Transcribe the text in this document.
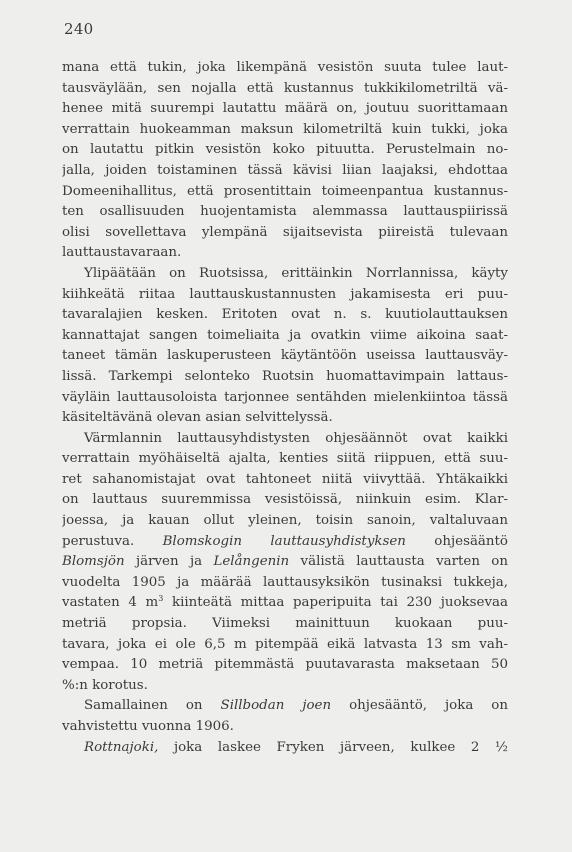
240
mana että tukin, joka likempänä vesistön suuta tulee laut-
tausväylään, sen nojalla että kustannus tukkikilometriltä vä-
henee mitä suurempi lautattu määrä on, joutuu suorittamaan
verrattain huokeamman maksun kilometriltä kuin tukki, joka
on lautattu pitkin vesistön koko pituutta. Perustelmain no-
jalla, joiden toistaminen tässä kävisi liian laajaksi, ehdottaa
Domeenihallitus, että prosentittain toimeenpantua kustannus-
ten osallisuuden huojentamista alemmassa lauttauspiirissä
olisi sovellettava ylempänä sijaitsevista piireistä tulevaan
lauttaustavaraan.
Ylipäätään on Ruotsissa, erittäinkin Norrlannissa, käyty
kiihkeätä riitaa lauttauskustannusten jakamisesta eri puu-
tavaralajien kesken. Eritoten ovat n. s. kuutiolauttauksen
kannattajat sangen toimeliaita ja ovatkin viime aikoina saat-
taneet tämän laskuperusteen käytäntöön useissa lauttausväy-
lissä. Tarkempi selonteko Ruotsin huomattavimpain lattaus-
väyläin lauttausoloista tarjonnee sentähden mielenkiintoa tässä
käsiteltävänä olevan asian selvittelyssä.
Värmlannin lauttausyhdistysten ohjesäännöt ovat kaikki
verrattain myöhäiseltä ajalta, kenties siitä riippuen, että suu-
ret sahanomistajat ovat tahtoneet niitä viivyttää. Yhtäkaikki
on lauttaus suuremmissa vesistöissä, niinkuin esim. Klar-
joessa, ja kauan ollut yleinen, toisin sanoin, valtaluvaan
perustuva. Blomskogin lauttausyhdistyksen ohjesääntö
Blomsjön järven ja Lelångenin välistä lauttausta varten on
vuodelta 1905 ja määrää lauttausyksikön tusinaksi tukkeja,
vastaten 4 $m^3$ kiinteätä mittaa paperipuita tai 230 juoksevaa
metriä propsia. Viimeksi mainittuun kuokaan puu-
tavara, joka ei ole 6,5 m pitempää eikä latvasta 13 sm vah-
vempaa. 10 metriä pitemmästä puutavarasta maksetaan 50
%:n korotus.
Samallainen on Sillbodan joen ohjesääntö, joka on
vahvistettu vuonna 1906.
Rottnajoki, joka laskee Fryken järveen, kulkee 2 ½
